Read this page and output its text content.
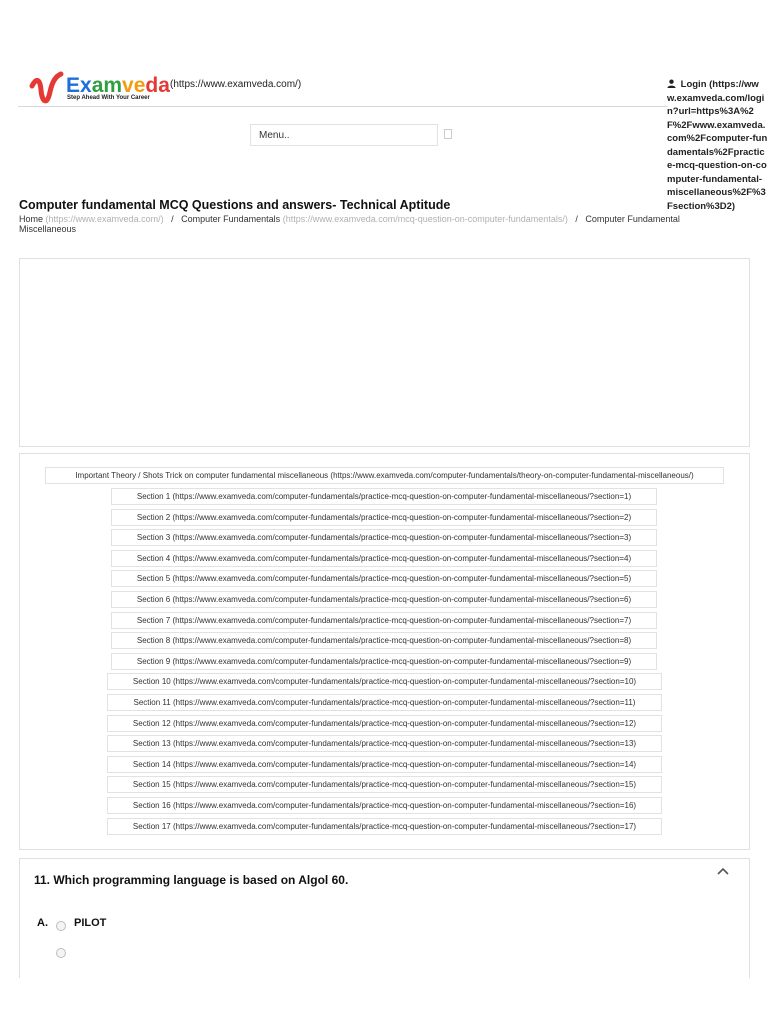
Examveda
Step Ahead With Your Career
(https://www.examveda.com/)	Login (https://www.examveda.com/login?url=https%3A%2F%2Fwww.examveda.com%2Fcomputer-fundamentals%2Fpractice-mcq-question-on-computer-fundamental-miscellaneous%2F%3Fsection%3D2)
Menu..
Computer fundamental MCQ Questions and answers- Technical Aptitude
Home (https://www.examveda.com/) / Computer Fundamentals (https://www.examveda.com/mcq-question-on-computer-fundamentals/) / Computer Fundamental Miscellaneous
Important Theory / Shots Trick on computer fundamental miscellaneous (https://www.examveda.com/computer-fundamentals/theory-on-computer-fundamental-miscellaneous/)
Section 1 (https://www.examveda.com/computer-fundamentals/practice-mcq-question-on-computer-fundamental-miscellaneous/?section=1)
Section 2 (https://www.examveda.com/computer-fundamentals/practice-mcq-question-on-computer-fundamental-miscellaneous/?section=2)
Section 3 (https://www.examveda.com/computer-fundamentals/practice-mcq-question-on-computer-fundamental-miscellaneous/?section=3)
Section 4 (https://www.examveda.com/computer-fundamentals/practice-mcq-question-on-computer-fundamental-miscellaneous/?section=4)
Section 5 (https://www.examveda.com/computer-fundamentals/practice-mcq-question-on-computer-fundamental-miscellaneous/?section=5)
Section 6 (https://www.examveda.com/computer-fundamentals/practice-mcq-question-on-computer-fundamental-miscellaneous/?section=6)
Section 7 (https://www.examveda.com/computer-fundamentals/practice-mcq-question-on-computer-fundamental-miscellaneous/?section=7)
Section 8 (https://www.examveda.com/computer-fundamentals/practice-mcq-question-on-computer-fundamental-miscellaneous/?section=8)
Section 9 (https://www.examveda.com/computer-fundamentals/practice-mcq-question-on-computer-fundamental-miscellaneous/?section=9)
Section 10 (https://www.examveda.com/computer-fundamentals/practice-mcq-question-on-computer-fundamental-miscellaneous/?section=10)
Section 11 (https://www.examveda.com/computer-fundamentals/practice-mcq-question-on-computer-fundamental-miscellaneous/?section=11)
Section 12 (https://www.examveda.com/computer-fundamentals/practice-mcq-question-on-computer-fundamental-miscellaneous/?section=12)
Section 13 (https://www.examveda.com/computer-fundamentals/practice-mcq-question-on-computer-fundamental-miscellaneous/?section=13)
Section 14 (https://www.examveda.com/computer-fundamentals/practice-mcq-question-on-computer-fundamental-miscellaneous/?section=14)
Section 15 (https://www.examveda.com/computer-fundamentals/practice-mcq-question-on-computer-fundamental-miscellaneous/?section=15)
Section 16 (https://www.examveda.com/computer-fundamentals/practice-mcq-question-on-computer-fundamental-miscellaneous/?section=16)
Section 17 (https://www.examveda.com/computer-fundamentals/practice-mcq-question-on-computer-fundamental-miscellaneous/?section=17)
11. Which programming language is based on Algol 60.
A. PILOT
